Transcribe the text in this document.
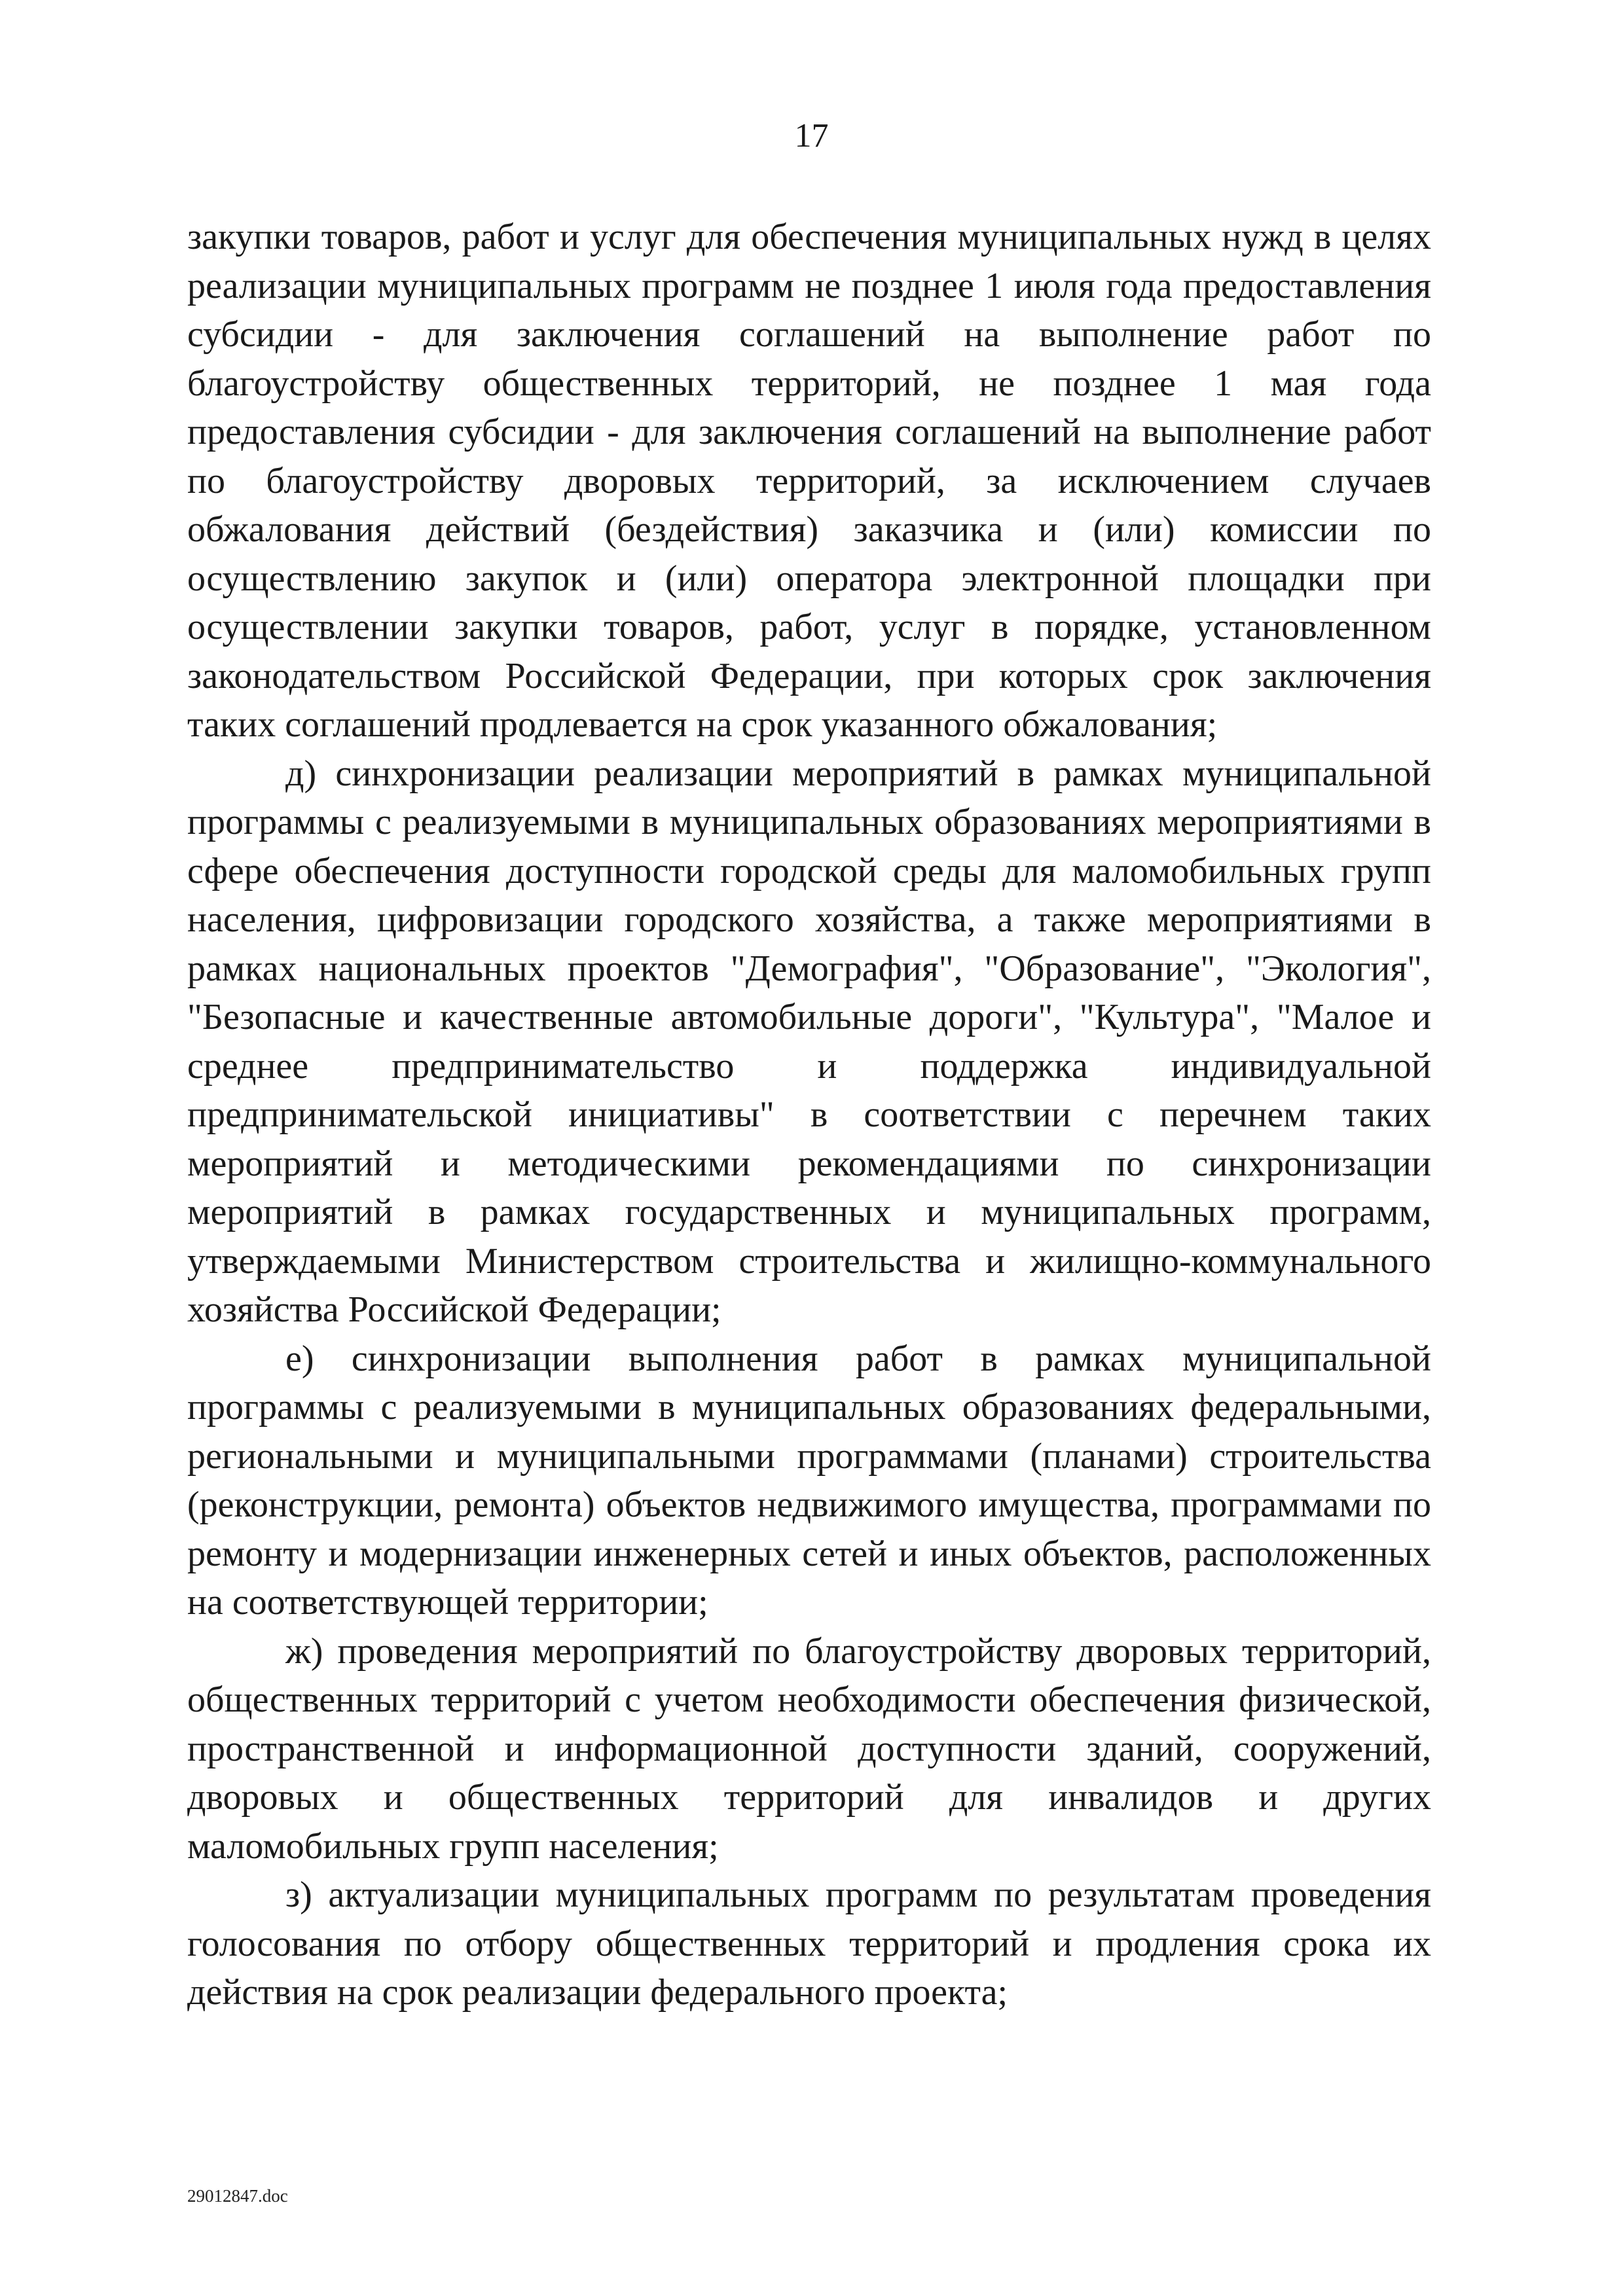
17

закупки товаров, работ и услуг для обеспечения муниципальных нужд в целях реализации муниципальных программ не позднее 1 июля года предоставления субсидии - для заключения соглашений на выполнение работ по благоустройству общественных территорий, не позднее 1 мая года предоставления субсидии - для заключения соглашений на выполнение работ по благоустройству дворовых территорий, за исключением случаев обжалования действий (бездействия) заказчика и (или) комиссии по осуществлению закупок и (или) оператора электронной площадки при осуществлении закупки товаров, работ, услуг в порядке, установленном законодательством Российской Федерации, при которых срок заключения таких соглашений продлевается на срок указанного обжалования;

д) синхронизации реализации мероприятий в рамках муниципальной программы с реализуемыми в муниципальных образованиях мероприятиями в сфере обеспечения доступности городской среды для маломобильных групп населения, цифровизации городского хозяйства, а также мероприятиями в рамках национальных проектов "Демография", "Образование", "Экология", "Безопасные и качественные автомобильные дороги", "Культура", "Малое и среднее предпринимательство и поддержка индивидуальной предпринимательской инициативы" в соответствии с перечнем таких мероприятий и методическими рекомендациями по синхронизации мероприятий в рамках государственных и муниципальных программ, утверждаемыми Министерством строительства и жилищно-коммунального хозяйства Российской Федерации;

е) синхронизации выполнения работ в рамках муниципальной программы с реализуемыми в муниципальных образованиях федеральными, региональными и муниципальными программами (планами) строительства (реконструкции, ремонта) объектов недвижимого имущества, программами по ремонту и модернизации инженерных сетей и иных объектов, расположенных на соответствующей территории;

ж) проведения мероприятий по благоустройству дворовых территорий, общественных территорий с учетом необходимости обеспечения физической, пространственной и информационной доступности зданий, сооружений, дворовых и общественных территорий для инвалидов и других маломобильных групп населения;

з) актуализации муниципальных программ по результатам проведения голосования по отбору общественных территорий и продления срока их действия на срок реализации федерального проекта;

29012847.doc
